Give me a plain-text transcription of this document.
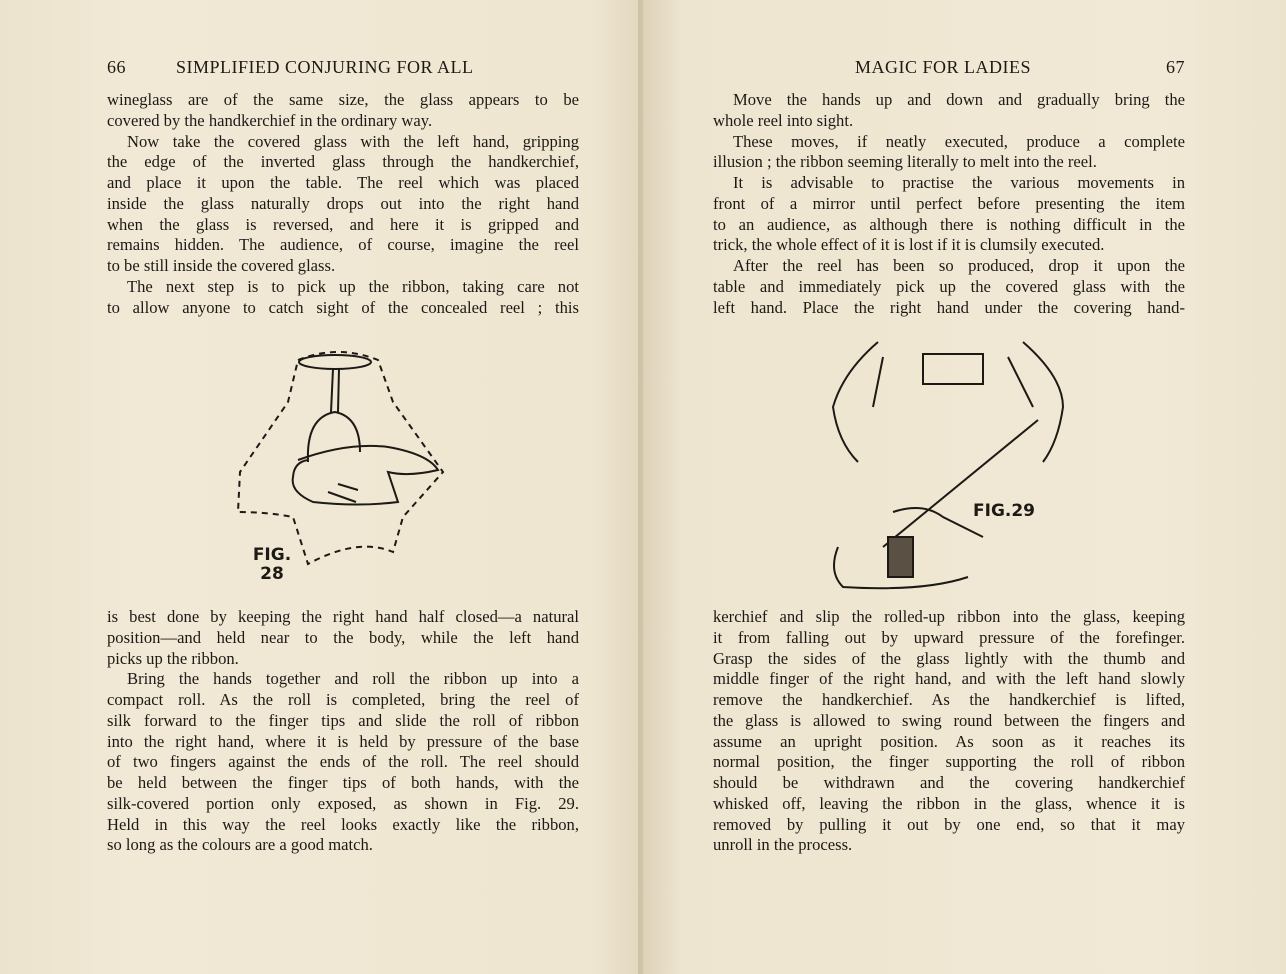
66	SIMPLIFIED CONJURING FOR ALL
wineglass are of the same size, the glass appears to be
covered by the handkerchief in the ordinary way.
Now take the covered glass with the left hand, gripping
the edge of the inverted glass through the handkerchief,
and place it upon the table. The reel which was placed
inside the glass naturally drops out into the right hand
when the glass is reversed, and here it is gripped and
remains hidden. The audience, of course, imagine the reel
to be still inside the covered glass.
The next step is to pick up the ribbon, taking care not
to allow anyone to catch sight of the concealed reel ; this
FIG.
28
is best done by keeping the right hand half closed—a natural
position—and held near to the body, while the left hand
picks up the ribbon.
Bring the hands together and roll the ribbon up into a
compact roll. As the roll is completed, bring the reel of
silk forward to the finger tips and slide the roll of ribbon
into the right hand, where it is held by pressure of the base
of two fingers against the ends of the roll. The reel should
be held between the finger tips of both hands, with the
silk-covered portion only exposed, as shown in Fig. 29.
Held in this way the reel looks exactly like the ribbon,
so long as the colours are a good match.
MAGIC FOR LADIES	67
Move the hands up and down and gradually bring the
whole reel into sight.
These moves, if neatly executed, produce a complete
illusion ; the ribbon seeming literally to melt into the reel.
It is advisable to practise the various movements in
front of a mirror until perfect before presenting the item
to an audience, as although there is nothing difficult in the
trick, the whole effect of it is lost if it is clumsily executed.
After the reel has been so produced, drop it upon the
table and immediately pick up the covered glass with the
left hand. Place the right hand under the covering hand-
FIG.29
kerchief and slip the rolled-up ribbon into the glass, keeping
it from falling out by upward pressure of the forefinger.
Grasp the sides of the glass lightly with the thumb and
middle finger of the right hand, and with the left hand slowly
remove the handkerchief. As the handkerchief is lifted,
the glass is allowed to swing round between the fingers and
assume an upright position. As soon as it reaches its
normal position, the finger supporting the roll of ribbon
should be withdrawn and the covering handkerchief
whisked off, leaving the ribbon in the glass, whence it is
removed by pulling it out by one end, so that it may
unroll in the process.
